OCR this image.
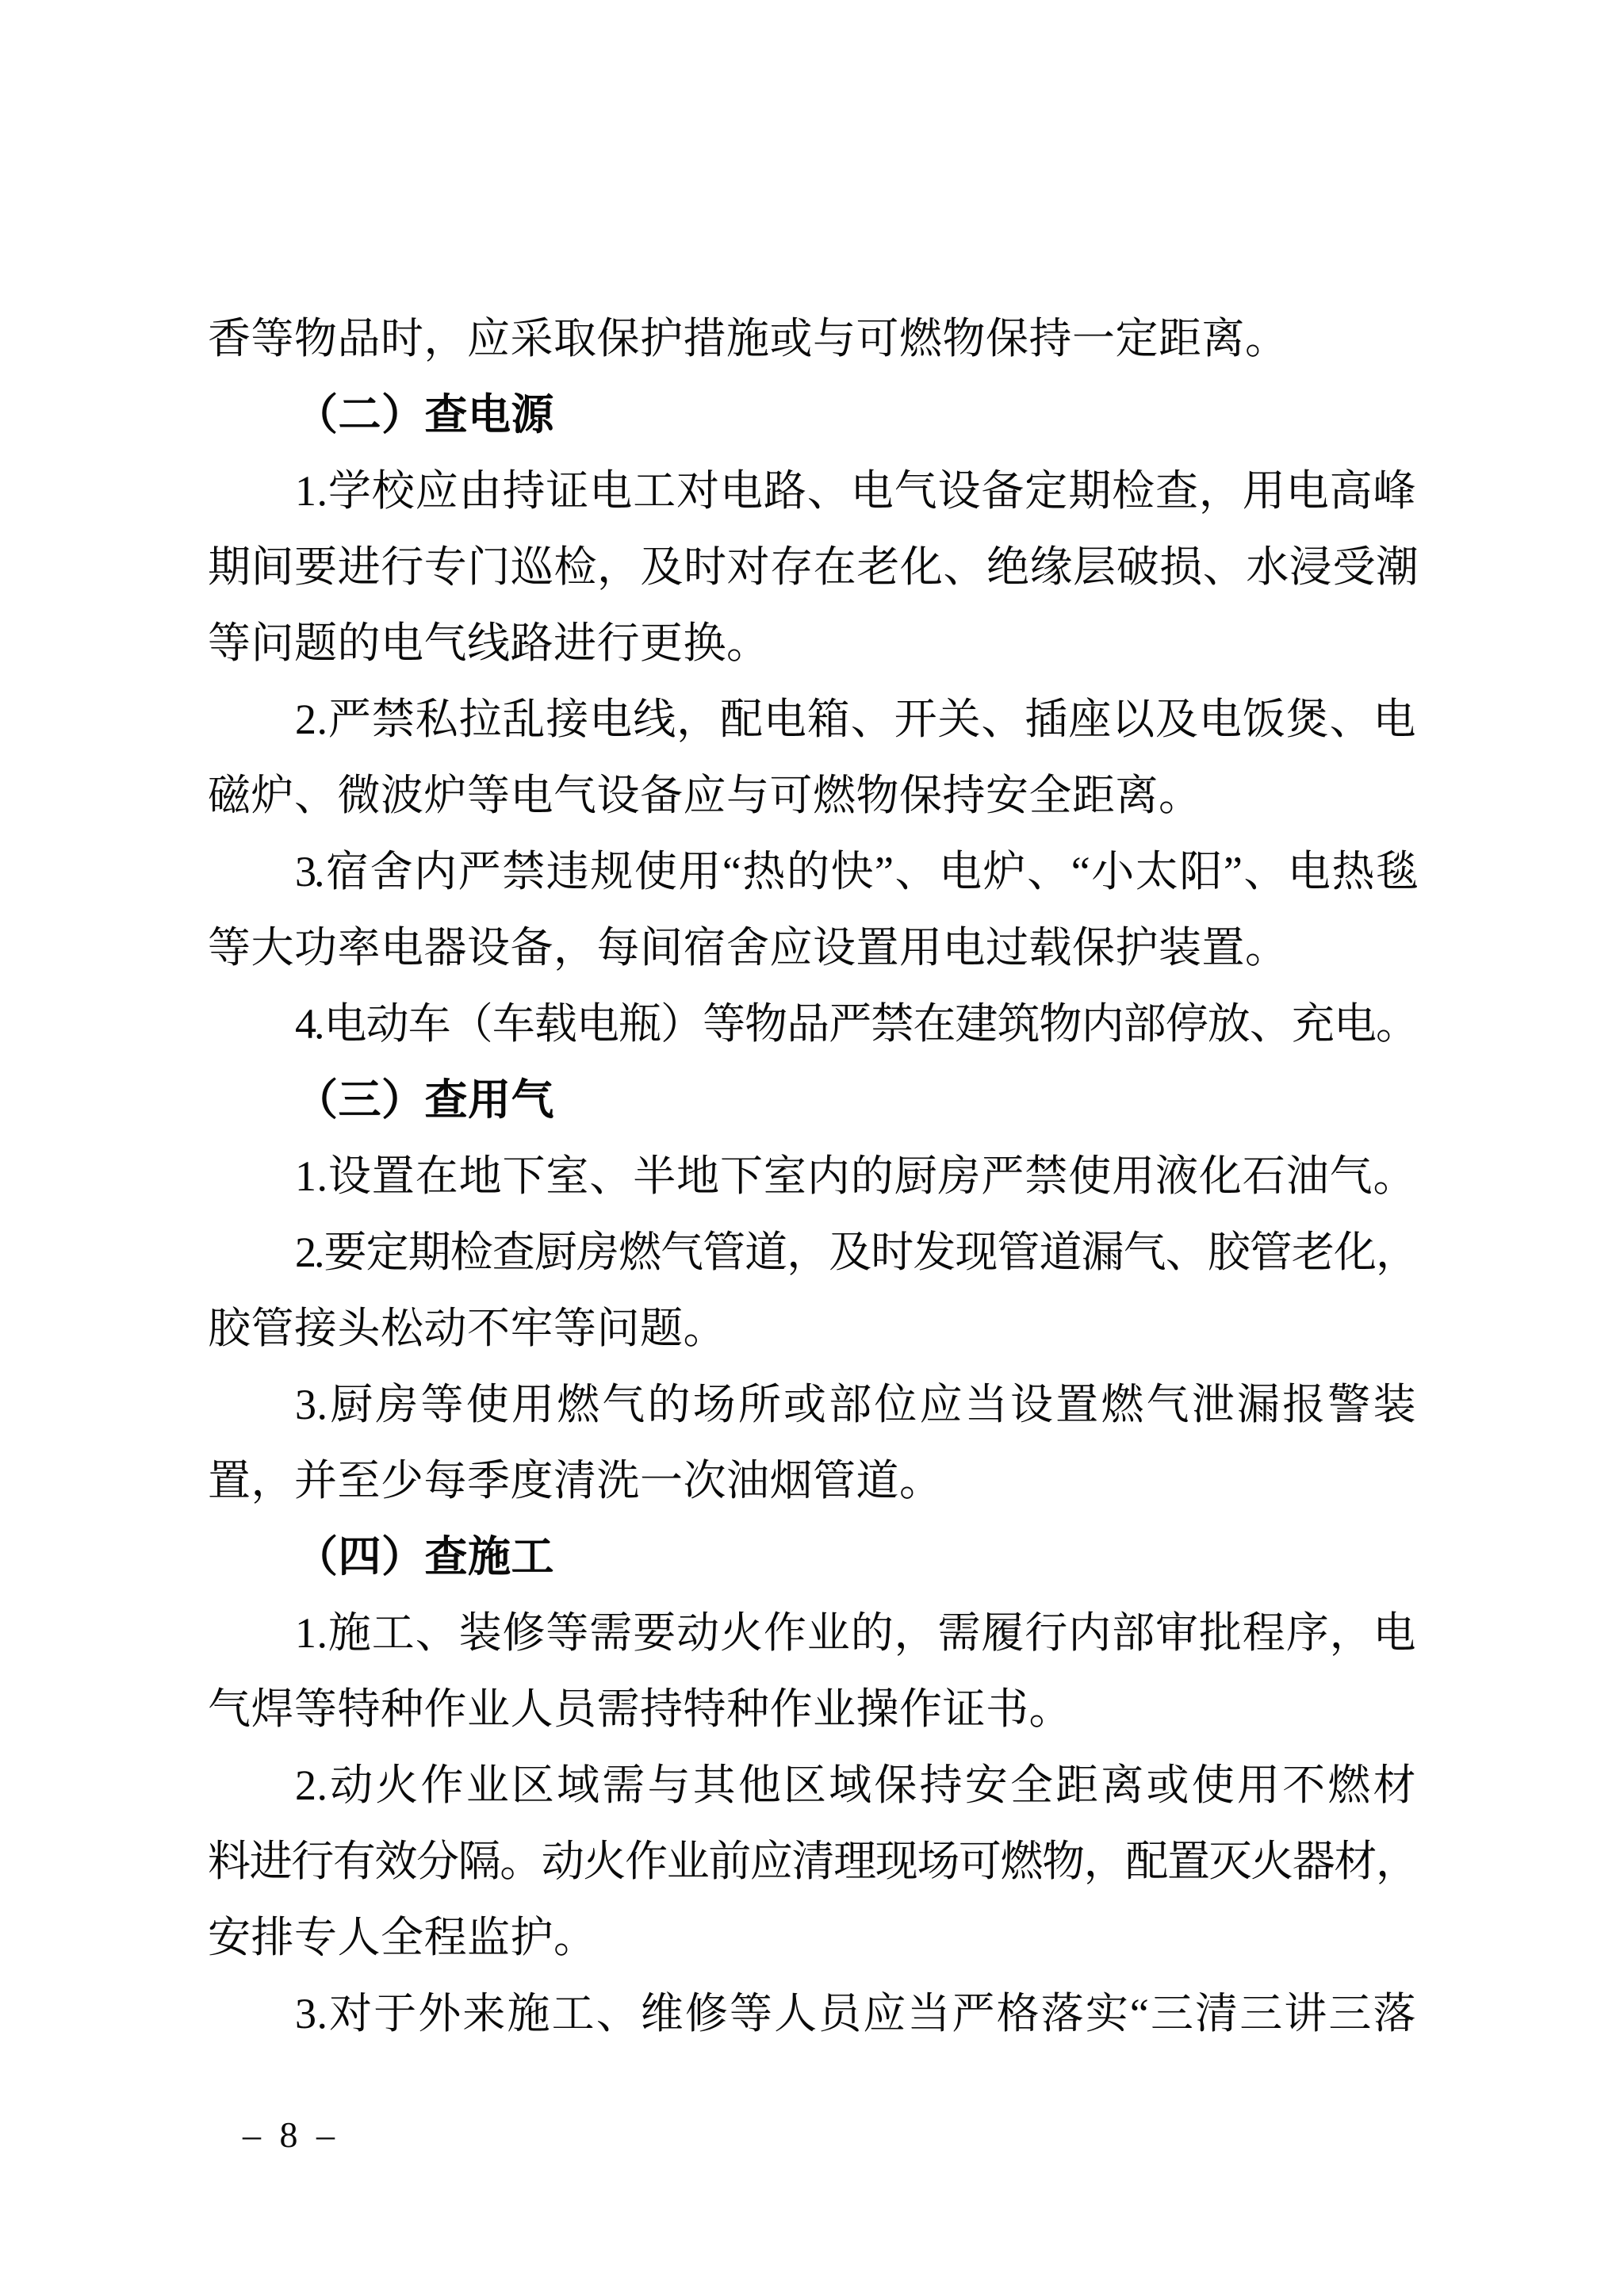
香等物品时，应采取保护措施或与可燃物保持一定距离。
（二）查电源
1.学校应由持证电工对电路、电气设备定期检查，用电高峰
期间要进行专门巡检，及时对存在老化、绝缘层破损、水浸受潮
等问题的电气线路进行更换。
2.严禁私拉乱接电线，配电箱、开关、插座以及电饭煲、电
磁炉、微波炉等电气设备应与可燃物保持安全距离。
3.宿舍内严禁违规使用“热的快”、电炉、“小太阳”、电热毯
等大功率电器设备，每间宿舍应设置用电过载保护装置。
4.电动车（车载电瓶）等物品严禁在建筑物内部停放、充电。
（三）查用气
1.设置在地下室、半地下室内的厨房严禁使用液化石油气。
2.要定期检查厨房燃气管道，及时发现管道漏气、胶管老化，
胶管接头松动不牢等问题。
3.厨房等使用燃气的场所或部位应当设置燃气泄漏报警装
置，并至少每季度清洗一次油烟管道。
（四）查施工
1.施工、装修等需要动火作业的，需履行内部审批程序，电
气焊等特种作业人员需持特种作业操作证书。
2.动火作业区域需与其他区域保持安全距离或使用不燃材
料进行有效分隔。动火作业前应清理现场可燃物，配置灭火器材，
安排专人全程监护。
3.对于外来施工、维修等人员应当严格落实“三清三讲三落
– 8 –
